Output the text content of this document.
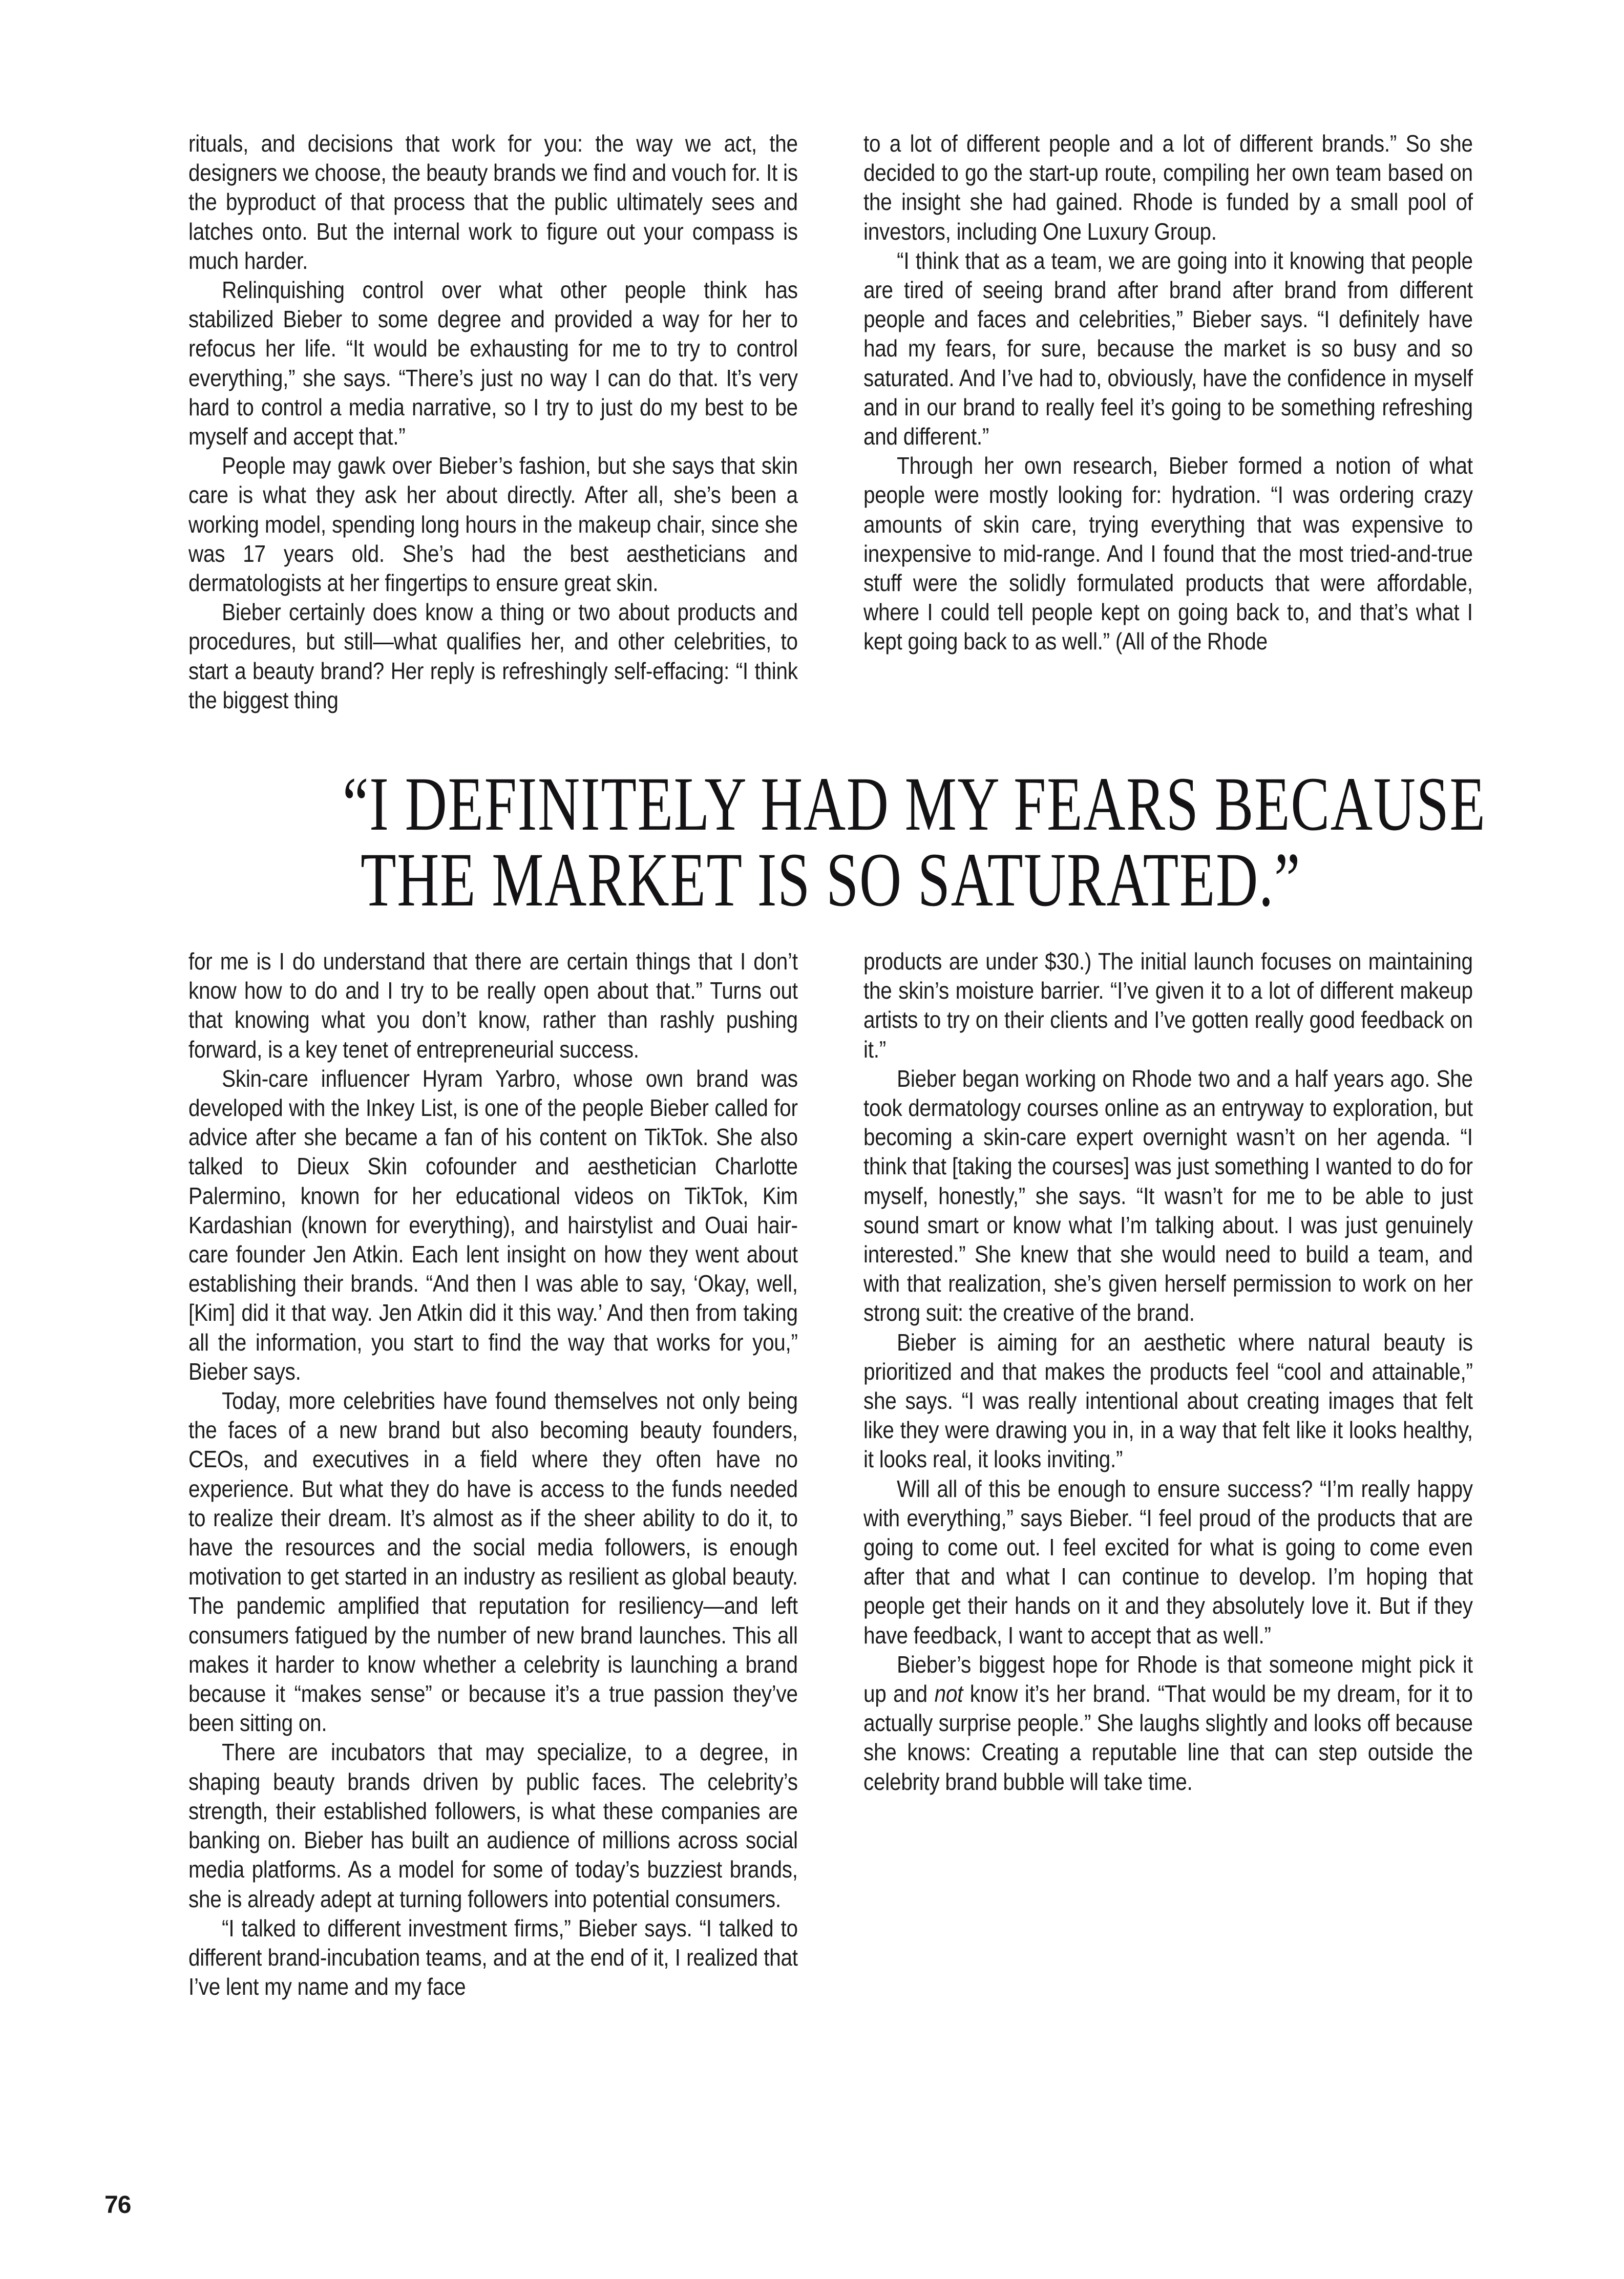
rituals, and decisions that work for you: the way we act, the designers we choose, the beauty brands we find and vouch for. It is the byproduct of that process that the public ultimately sees and latches onto. But the internal work to figure out your compass is much harder.

Relinquishing control over what other people think has stabilized Bieber to some degree and provided a way for her to refocus her life. “It would be exhausting for me to try to control everything,” she says. “There’s just no way I can do that. It’s very hard to control a media narrative, so I try to just do my best to be myself and accept that.”

People may gawk over Bieber’s fashion, but she says that skin care is what they ask her about directly. After all, she’s been a working model, spending long hours in the makeup chair, since she was 17 years old. She’s had the best aestheticians and dermatologists at her fingertips to ensure great skin.

Bieber certainly does know a thing or two about products and procedures, but still—what qualifies her, and other celebrities, to start a beauty brand? Her reply is refreshingly self-effacing: “I think the biggest thing

to a lot of different people and a lot of different brands.” So she decided to go the start-up route, compiling her own team based on the insight she had gained. Rhode is funded by a small pool of investors, including One Luxury Group.

“I think that as a team, we are going into it knowing that people are tired of seeing brand after brand after brand from different people and faces and celebrities,” Bieber says. “I definitely have had my fears, for sure, because the market is so busy and so saturated. And I’ve had to, obviously, have the confidence in myself and in our brand to really feel it’s going to be something refreshing and different.”

Through her own research, Bieber formed a notion of what people were mostly looking for: hydration. “I was ordering crazy amounts of skin care, trying everything that was expensive to inexpensive to mid-range. And I found that the most tried-and-true stuff were the solidly formulated products that were affordable, where I could tell people kept on going back to, and that’s what I kept going back to as well.” (All of the Rhode

“I DEFINITELY HAD MY FEARS BECAUSE
THE MARKET IS SO SATURATED.”

for me is I do understand that there are certain things that I don’t know how to do and I try to be really open about that.” Turns out that knowing what you don’t know, rather than rashly pushing forward, is a key tenet of entrepreneurial success.

Skin-care influencer Hyram Yarbro, whose own brand was developed with the Inkey List, is one of the people Bieber called for advice after she became a fan of his content on TikTok. She also talked to Dieux Skin cofounder and aesthetician Charlotte Palermino, known for her educational videos on TikTok, Kim Kardashian (known for everything), and hairstylist and Ouai hair-care founder Jen Atkin. Each lent insight on how they went about establishing their brands. “And then I was able to say, ‘Okay, well, [Kim] did it that way. Jen Atkin did it this way.’ And then from taking all the information, you start to find the way that works for you,” Bieber says.

Today, more celebrities have found themselves not only being the faces of a new brand but also becoming beauty founders, CEOs, and executives in a field where they often have no experience. But what they do have is access to the funds needed to realize their dream. It’s almost as if the sheer ability to do it, to have the resources and the social media followers, is enough motivation to get started in an industry as resilient as global beauty. The pandemic amplified that reputation for resiliency—and left consumers fatigued by the number of new brand launches. This all makes it harder to know whether a celebrity is launching a brand because it “makes sense” or because it’s a true passion they’ve been sitting on.

There are incubators that may specialize, to a degree, in shaping beauty brands driven by public faces. The celebrity’s strength, their established followers, is what these companies are banking on. Bieber has built an audience of millions across social media platforms. As a model for some of today’s buzziest brands, she is already adept at turning followers into potential consumers.

“I talked to different investment firms,” Bieber says. “I talked to different brand-incubation teams, and at the end of it, I realized that I’ve lent my name and my face

products are under $30.) The initial launch focuses on maintaining the skin’s moisture barrier. “I’ve given it to a lot of different makeup artists to try on their clients and I’ve gotten really good feedback on it.”

Bieber began working on Rhode two and a half years ago. She took dermatology courses online as an entryway to exploration, but becoming a skin-care expert overnight wasn’t on her agenda. “I think that [taking the courses] was just something I wanted to do for myself, honestly,” she says. “It wasn’t for me to be able to just sound smart or know what I’m talking about. I was just genuinely interested.” She knew that she would need to build a team, and with that realization, she’s given herself permission to work on her strong suit: the creative of the brand.

Bieber is aiming for an aesthetic where natural beauty is prioritized and that makes the products feel “cool and attainable,” she says. “I was really intentional about creating images that felt like they were drawing you in, in a way that felt like it looks healthy, it looks real, it looks inviting.”

Will all of this be enough to ensure success? “I’m really happy with everything,” says Bieber. “I feel proud of the products that are going to come out. I feel excited for what is going to come even after that and what I can continue to develop. I’m hoping that people get their hands on it and they absolutely love it. But if they have feedback, I want to accept that as well.”

Bieber’s biggest hope for Rhode is that someone might pick it up and not know it’s her brand. “That would be my dream, for it to actually surprise people.” She laughs slightly and looks off because she knows: Creating a reputable line that can step outside the celebrity brand bubble will take time.

76
